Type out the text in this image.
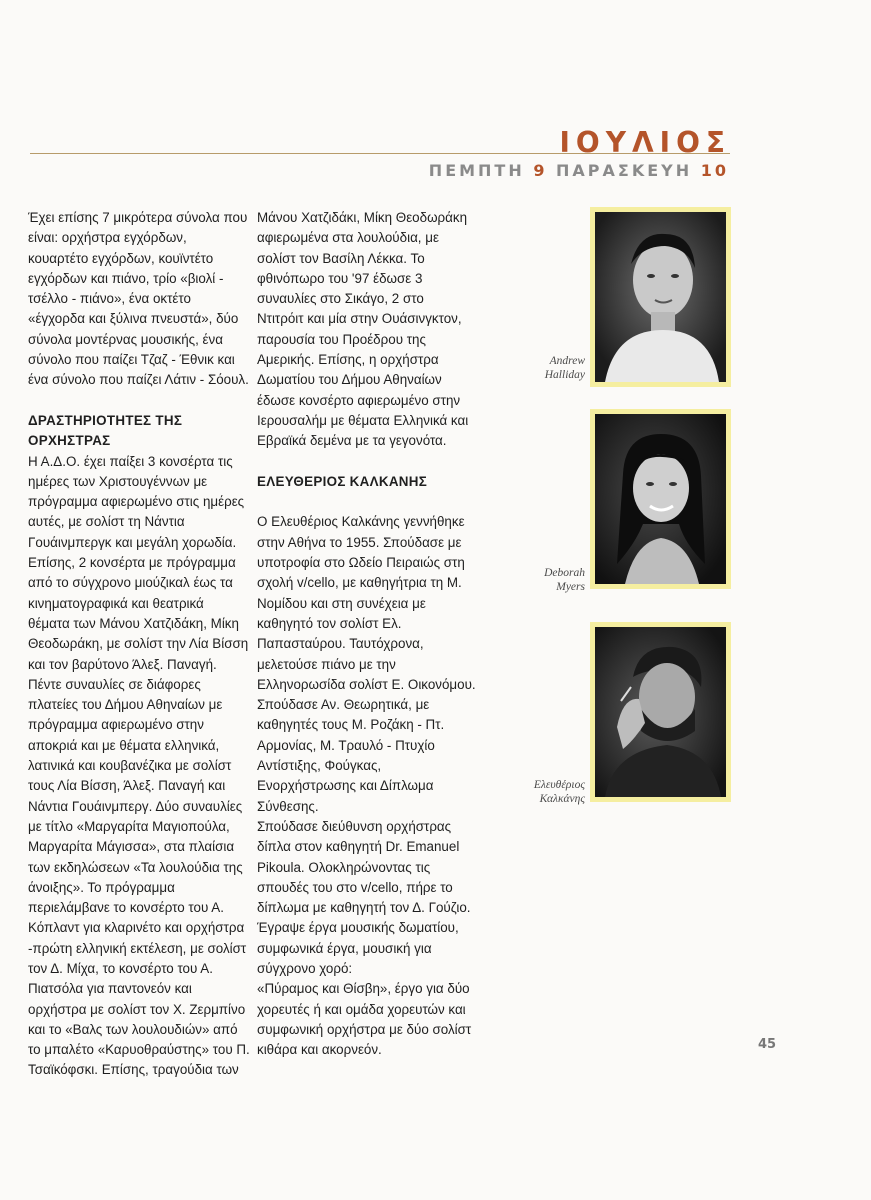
ΙΟΥΛΙΟΣ
ΠΕΜΠΤΗ 9 ΠΑΡΑΣΚΕΥΗ 10

Έχει επίσης 7 μικρότερα σύνολα που

είναι: ορχήστρα εγχόρδων,

κουαρτέτο εγχόρδων, κουϊντέτο

εγχόρδων και πιάνο, τρίο «βιολί -

τσέλλο - πιάνο», ένα οκτέτο

«έγχορδα και ξύλινα πνευστά», δύο

σύνολα μοντέρνας μουσικής, ένα

σύνολο που παίζει Τζαζ - Έθνικ και

ένα σύνολο που παίζει Λάτιν - Σόουλ.

ΔΡΑΣΤΗΡΙΟΤΗΤΕΣ ΤΗΣ ΟΡΧΗΣΤΡΑΣ

Η Α.Δ.Ο. έχει παίξει 3 κονσέρτα τις

ημέρες των Χριστουγέννων με

πρόγραμμα αφιερωμένο στις ημέρες

αυτές, με σολίστ τη Νάντια

Γουάινμπεργκ και μεγάλη χορωδία.

Επίσης, 2 κονσέρτα με πρόγραμμα

από το σύγχρονο μιούζικαλ έως τα

κινηματογραφικά και θεατρικά

θέματα των Μάνου Χατζιδάκη, Μίκη

Θεοδωράκη, με σολίστ την Λία Βίσση

και τον βαρύτονο Άλεξ. Παναγή.

Πέντε συναυλίες σε διάφορες

πλατείες του Δήμου Αθηναίων με

πρόγραμμα αφιερωμένο στην

αποκριά και με θέματα ελληνικά,

λατινικά και κουβανέζικα με σολίστ

τους Λία Βίσση, Άλεξ. Παναγή και

Νάντια Γουάινμπεργ. Δύο συναυλίες

με τίτλο «Μαργαρίτα Μαγιοπούλα,

Μαργαρίτα Μάγισσα», στα πλαίσια

των εκδηλώσεων «Τα λουλούδια της

άνοιξης». Το πρόγραμμα

περιελάμβανε το κονσέρτο του Α.

Κόπλαντ για κλαρινέτο και ορχήστρα

-πρώτη ελληνική εκτέλεση, με σολίστ

τον Δ. Μίχα, το κονσέρτο του Α.

Πιατσόλα για παντονεόν και

ορχήστρα με σολίστ τον Χ. Ζερμπίνο

και το «Βαλς των λουλουδιών» από

το μπαλέτο «Καρυοθραύστης» του Π.

Τσαϊκόφσκι. Επίσης, τραγούδια των

Μάνου Χατζιδάκι, Μίκη Θεοδωράκη

αφιερωμένα στα λουλούδια, με

σολίστ τον Βασίλη Λέκκα. Το

φθινόπωρο του '97 έδωσε 3

συναυλίες στο Σικάγο, 2 στο

Ντιτρόιτ και μία στην Ουάσινγκτον,

παρουσία του Προέδρου της

Αμερικής. Επίσης, η ορχήστρα

Δωματίου του Δήμου Αθηναίων

έδωσε κονσέρτο αφιερωμένο στην

Ιερουσαλήμ με θέματα Ελληνικά και

Εβραϊκά δεμένα με τα γεγονότα.

ΕΛΕΥΘΕΡΙΟΣ ΚΑΛΚΑΝΗΣ

Ο Ελευθέριος Καλκάνης γεννήθηκε

στην Αθήνα το 1955. Σπούδασε με

υποτροφία στο Ωδείο Πειραιώς στη

σχολή v/cello, με καθηγήτρια τη Μ.

Νομίδου και στη συνέχεια με

καθηγητό τον σολίστ Ελ.

Παπασταύρου. Ταυτόχρονα,

μελετούσε πιάνο με την

Ελληνορωσίδα σολίστ Ε. Οικονόμου.

Σπούδασε Αν. Θεωρητικά, με

καθηγητές τους Μ. Ροζάκη - Πτ.

Αρμονίας, Μ. Τραυλό - Πτυχίο

Αντίστιξης, Φούγκας,

Ενορχήστρωσης και Δίπλωμα

Σύνθεσης.

Σπούδασε διεύθυνση ορχήστρας

δίπλα στον καθηγητή Dr. Emanuel

Pikoula. Ολοκληρώνοντας τις

σπουδές του στο v/cello, πήρε το

δίπλωμα με καθηγητή τον Δ. Γούζιο.

Έγραψε έργα μουσικής δωματίου,

συμφωνικά έργα, μουσική για

σύγχρονο χορό:

«Πύραμος και Θίσβη», έργο για δύο

χορευτές ή και ομάδα χορευτών και

συμφωνική ορχήστρα με δύο σολίστ

κιθάρα και ακορνεόν.

Andrew
Halliday
Deborah
Myers
Ελευθέριος
Καλκάνης
45
